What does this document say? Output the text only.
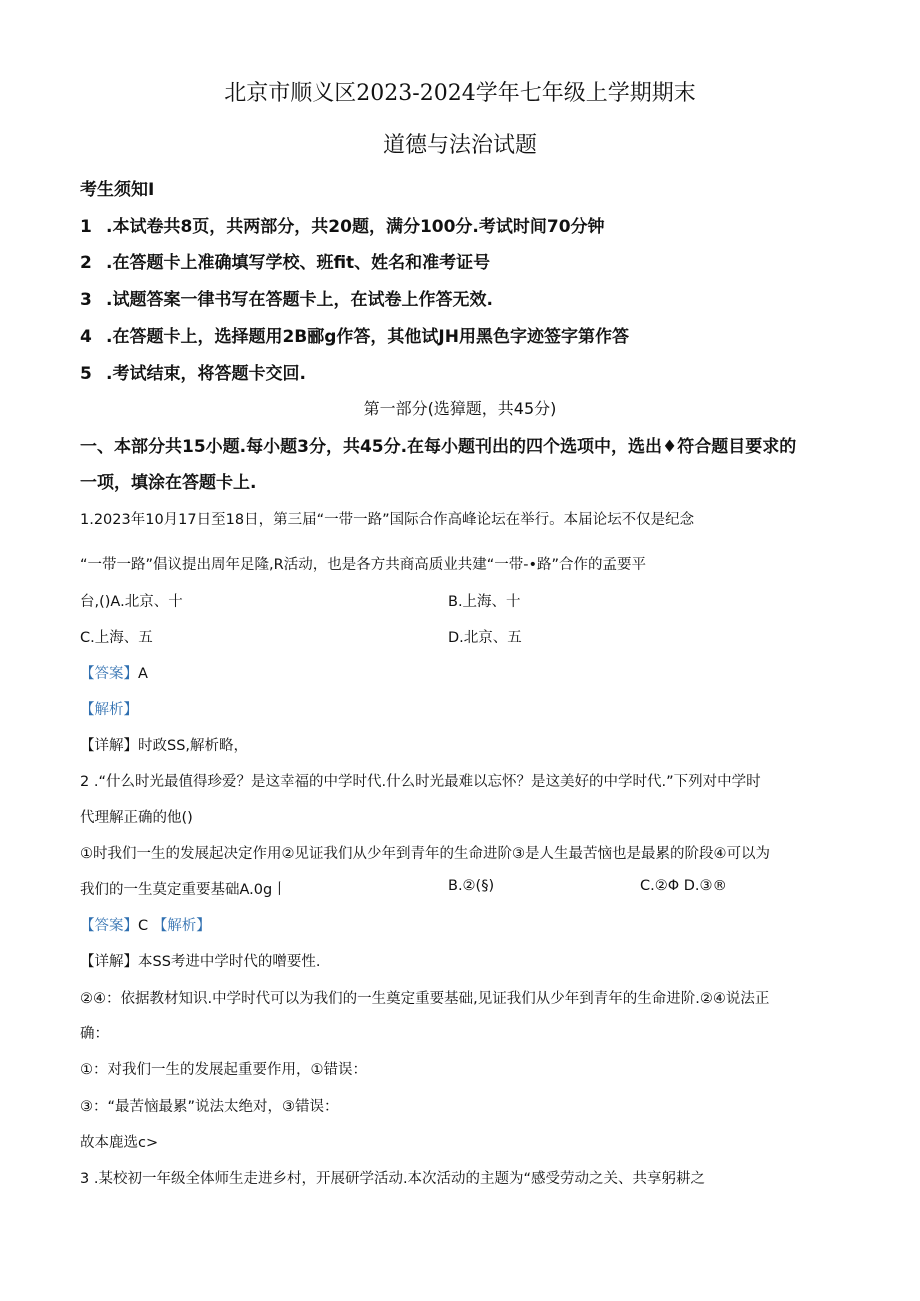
北京市顺义区2023-2024学年七年级上学期期末
道德与法治试题
考生须知I
1 .本试卷共8页，共两部分，共20题，满分100分.考试时间70分钟
2 .在答题卡上准确填写学校、班fit、姓名和准考证号
3 .试题答案一律书写在答题卡上，在试卷上作答无效.
4 .在答题卡上，选择题用2B郦g作答，其他试JH用黑色字迹签字第作答
5 .考试结束，将答题卡交回.
第一部分(选獐题，共45分)
一、本部分共15小题.每小题3分，共45分.在每小题刊出的四个选项中，选出♦符合题目要求的
一项，填涂在答题卡上.
1.2023年10月17日至18日，第三届“一带一路”国际合作高峰论坛在举行。本届论坛不仅是纪念
“一带一路”倡议提出周年足隆,R活动，也是各方共商高质业共建“一带-•路”合作的孟要平
台,()A.北京、十	B.上海、十
C.上海、五	D.北京、五
【答案】A
【解析】
【详解】时政SS,解析略，
2 .“什么时光最值得珍爱？是这幸福的中学时代.什么时光最难以忘怀？是这美好的中学时代.”下列对中学时
代理解正确的他()
①时我们一生的发展起决定作用②见证我们从少年到青年的生命进阶③是人生最苦恼也是最累的阶段④可以为
我们的一生莫定重要基础A.0g丨	B.②(§)	C.②Φ D.③®
【答案】C 【解析】
【详解】本SS考进中学时代的噌要性.
②④：依据教材知识.中学时代可以为我们的一生奠定重要基础,见证我们从少年到青年的生命进阶.②④说法正
确：
①：对我们一生的发展起重要作用，①错误：
③：“最苦恼最累”说法太绝对，③错误：
故本鹿选c>
3 .某校初一年级全体师生走进乡村，开展研学活动.本次活动的主题为“感受劳动之关、共享躬耕之
